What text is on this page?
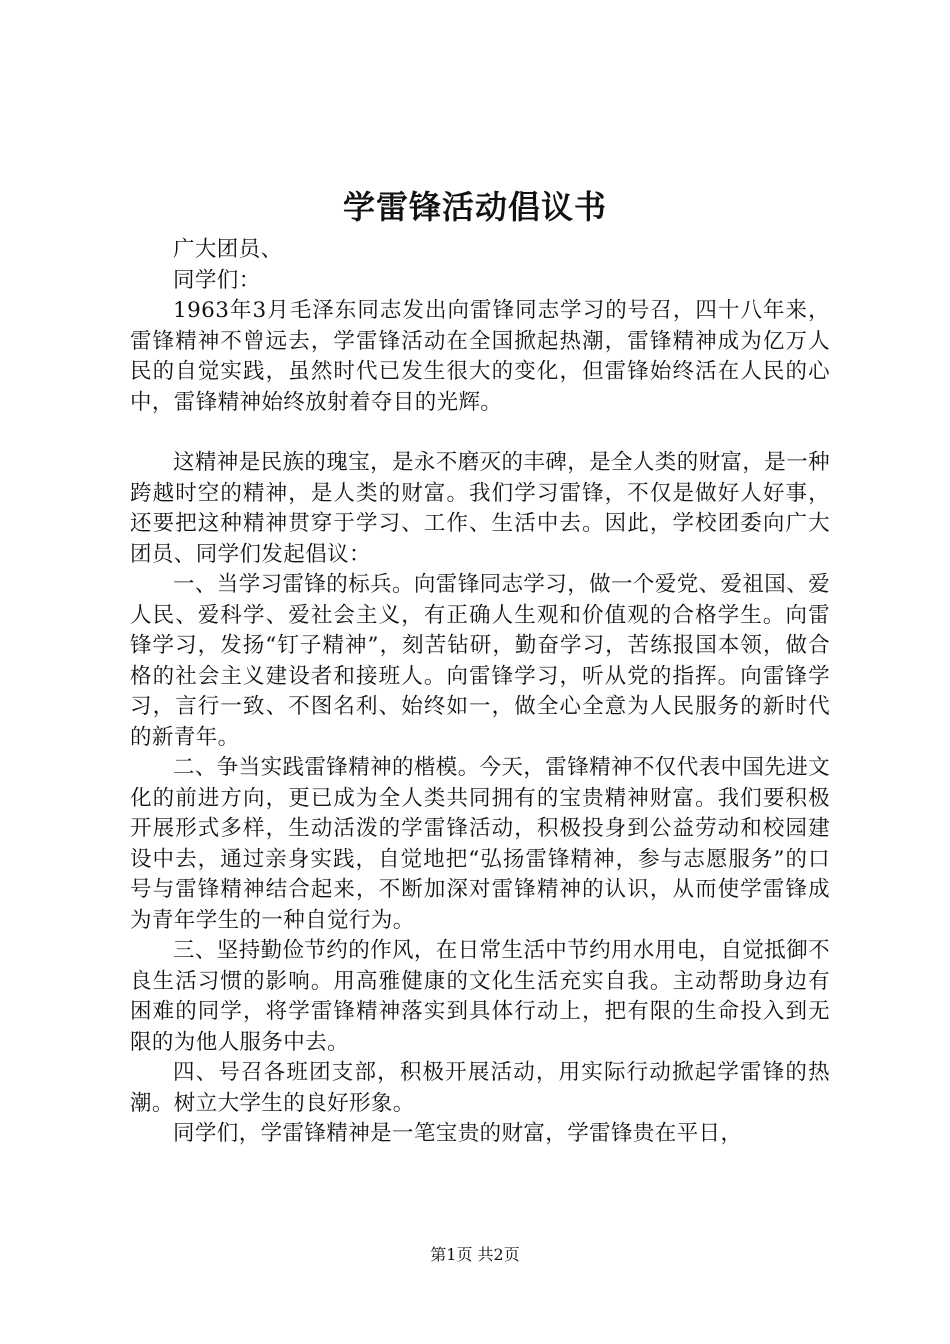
学雷锋活动倡议书

广大团员、

同学们：

1963年3月毛泽东同志发出向雷锋同志学习的号召，四十八年来，雷锋精神不曾远去，学雷锋活动在全国掀起热潮，雷锋精神成为亿万人民的自觉实践，虽然时代已发生很大的变化，但雷锋始终活在人民的心中，雷锋精神始终放射着夺目的光辉。

这精神是民族的瑰宝，是永不磨灭的丰碑，是全人类的财富，是一种跨越时空的精神，是人类的财富。我们学习雷锋，不仅是做好人好事，还要把这种精神贯穿于学习、工作、生活中去。因此，学校团委向广大团员、同学们发起倡议：

一、当学习雷锋的标兵。向雷锋同志学习，做一个爱党、爱祖国、爱人民、爱科学、爱社会主义，有正确人生观和价值观的合格学生。向雷锋学习，发扬“钉子精神”，刻苦钻研，勤奋学习，苦练报国本领，做合格的社会主义建设者和接班人。向雷锋学习，听从党的指挥。向雷锋学习，言行一致、不图名利、始终如一，做全心全意为人民服务的新时代的新青年。

二、争当实践雷锋精神的楷模。今天，雷锋精神不仅代表中国先进文化的前进方向，更已成为全人类共同拥有的宝贵精神财富。我们要积极开展形式多样，生动活泼的学雷锋活动，积极投身到公益劳动和校园建设中去，通过亲身实践，自觉地把“弘扬雷锋精神，参与志愿服务”的口号与雷锋精神结合起来，不断加深对雷锋精神的认识，从而使学雷锋成为青年学生的一种自觉行为。

三、坚持勤俭节约的作风，在日常生活中节约用水用电，自觉抵御不良生活习惯的影响。用高雅健康的文化生活充实自我。主动帮助身边有困难的同学，将学雷锋精神落实到具体行动上，把有限的生命投入到无限的为他人服务中去。

四、号召各班团支部，积极开展活动，用实际行动掀起学雷锋的热潮。树立大学生的良好形象。

同学们，学雷锋精神是一笔宝贵的财富，学雷锋贵在平日，

第1页 共2页
